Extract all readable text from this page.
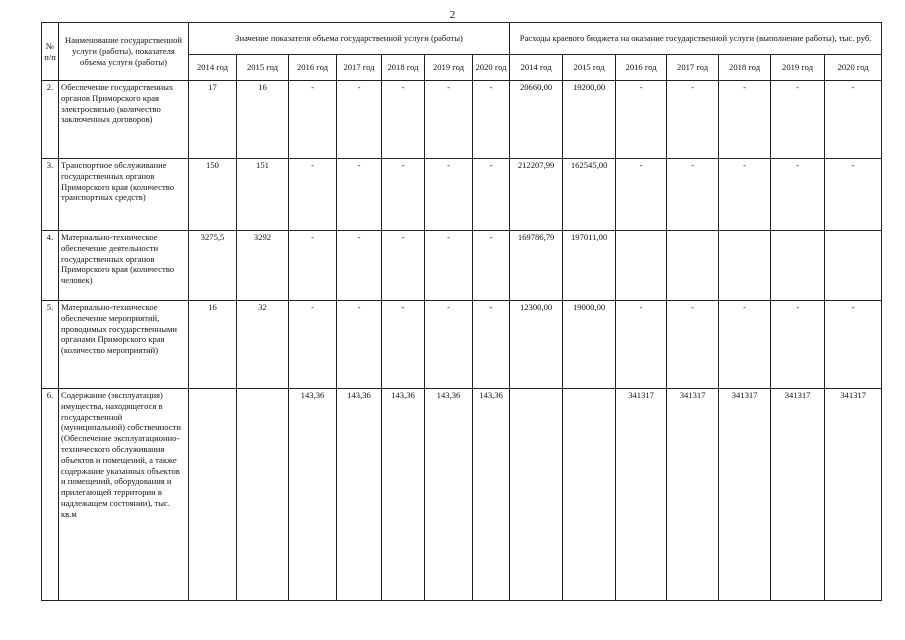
2
№ п/п	Наименование государственной услуги (работы), показателя объема услуги (работы)	Значение показателя объема государственной услуги (работы)							Расходы краевого бюджета на оказание государственной услуги (выполнение работы), тыс. руб.						
		2014 год	2015 год	2016 год	2017 год	2018 год	2019 год	2020 год	2014 год	2015 год	2016 год	2017 год	2018 год	2019 год	2020 год
2.	Обеспечение государственных органов Приморского края электросвязью (количество заключенных договоров)	17	16	-	-	-	-	-	20660,00	19200,00	-	-	-	-	-
3.	Транспортное обслуживание государственных органов Приморского края (количество транспортных средств)	150	151	-	-	-	-	-	212207,99	162545,00	-	-	-	-	-
4.	Материально-техническое обеспечение деятельности государственных органов Приморского края (количество человек)	3275,5	3292	-	-	-	-	-	169786,79	197011,00					
5.	Материально-техническое обеспечение мероприятий, проводимых государственными органами Приморского края (количество мероприятий)	16	32	-	-	-	-	-	12300,00	19000,00	-	-	-	-	-
6.	Содержание (эксплуатация) имущества, находящегося в государственной (муниципальной) собственности (Обеспечение эксплуатационно-технического обслуживания объектов и помещений, а также содержание указанных объектов и помещений, оборудования и прилегающей территории в надлежащем состоянии), тыс. кв.м			143,36	143,36	143,36	143,36	143,36			341317	341317	341317	341317	341317
